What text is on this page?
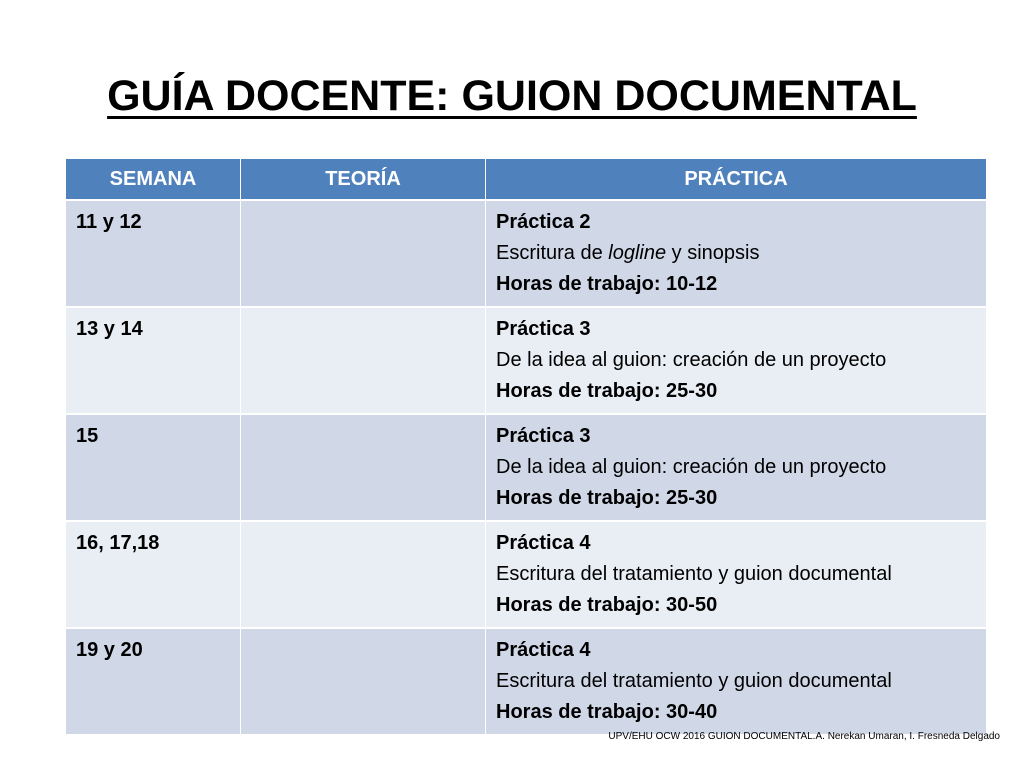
GUÍA DOCENTE: GUION DOCUMENTAL
SEMANA	TEORÍA	PRÁCTICA
11 y 12		Práctica 2
Escritura de logline y sinopsis
Horas de trabajo: 10-12

13 y 14		Práctica 3
De la idea al guion: creación de un proyecto
Horas de trabajo: 25-30

15		Práctica 3
De la idea al guion: creación de un proyecto
Horas de trabajo: 25-30

16, 17,18		Práctica 4
Escritura del tratamiento y guion documental
Horas de trabajo: 30-50

19 y 20		Práctica 4
Escritura del tratamiento y guion documental
Horas de trabajo: 30-40
UPV/EHU OCW 2016 GUION DOCUMENTAL.A. Nerekan Umaran, I. Fresneda Delgado
